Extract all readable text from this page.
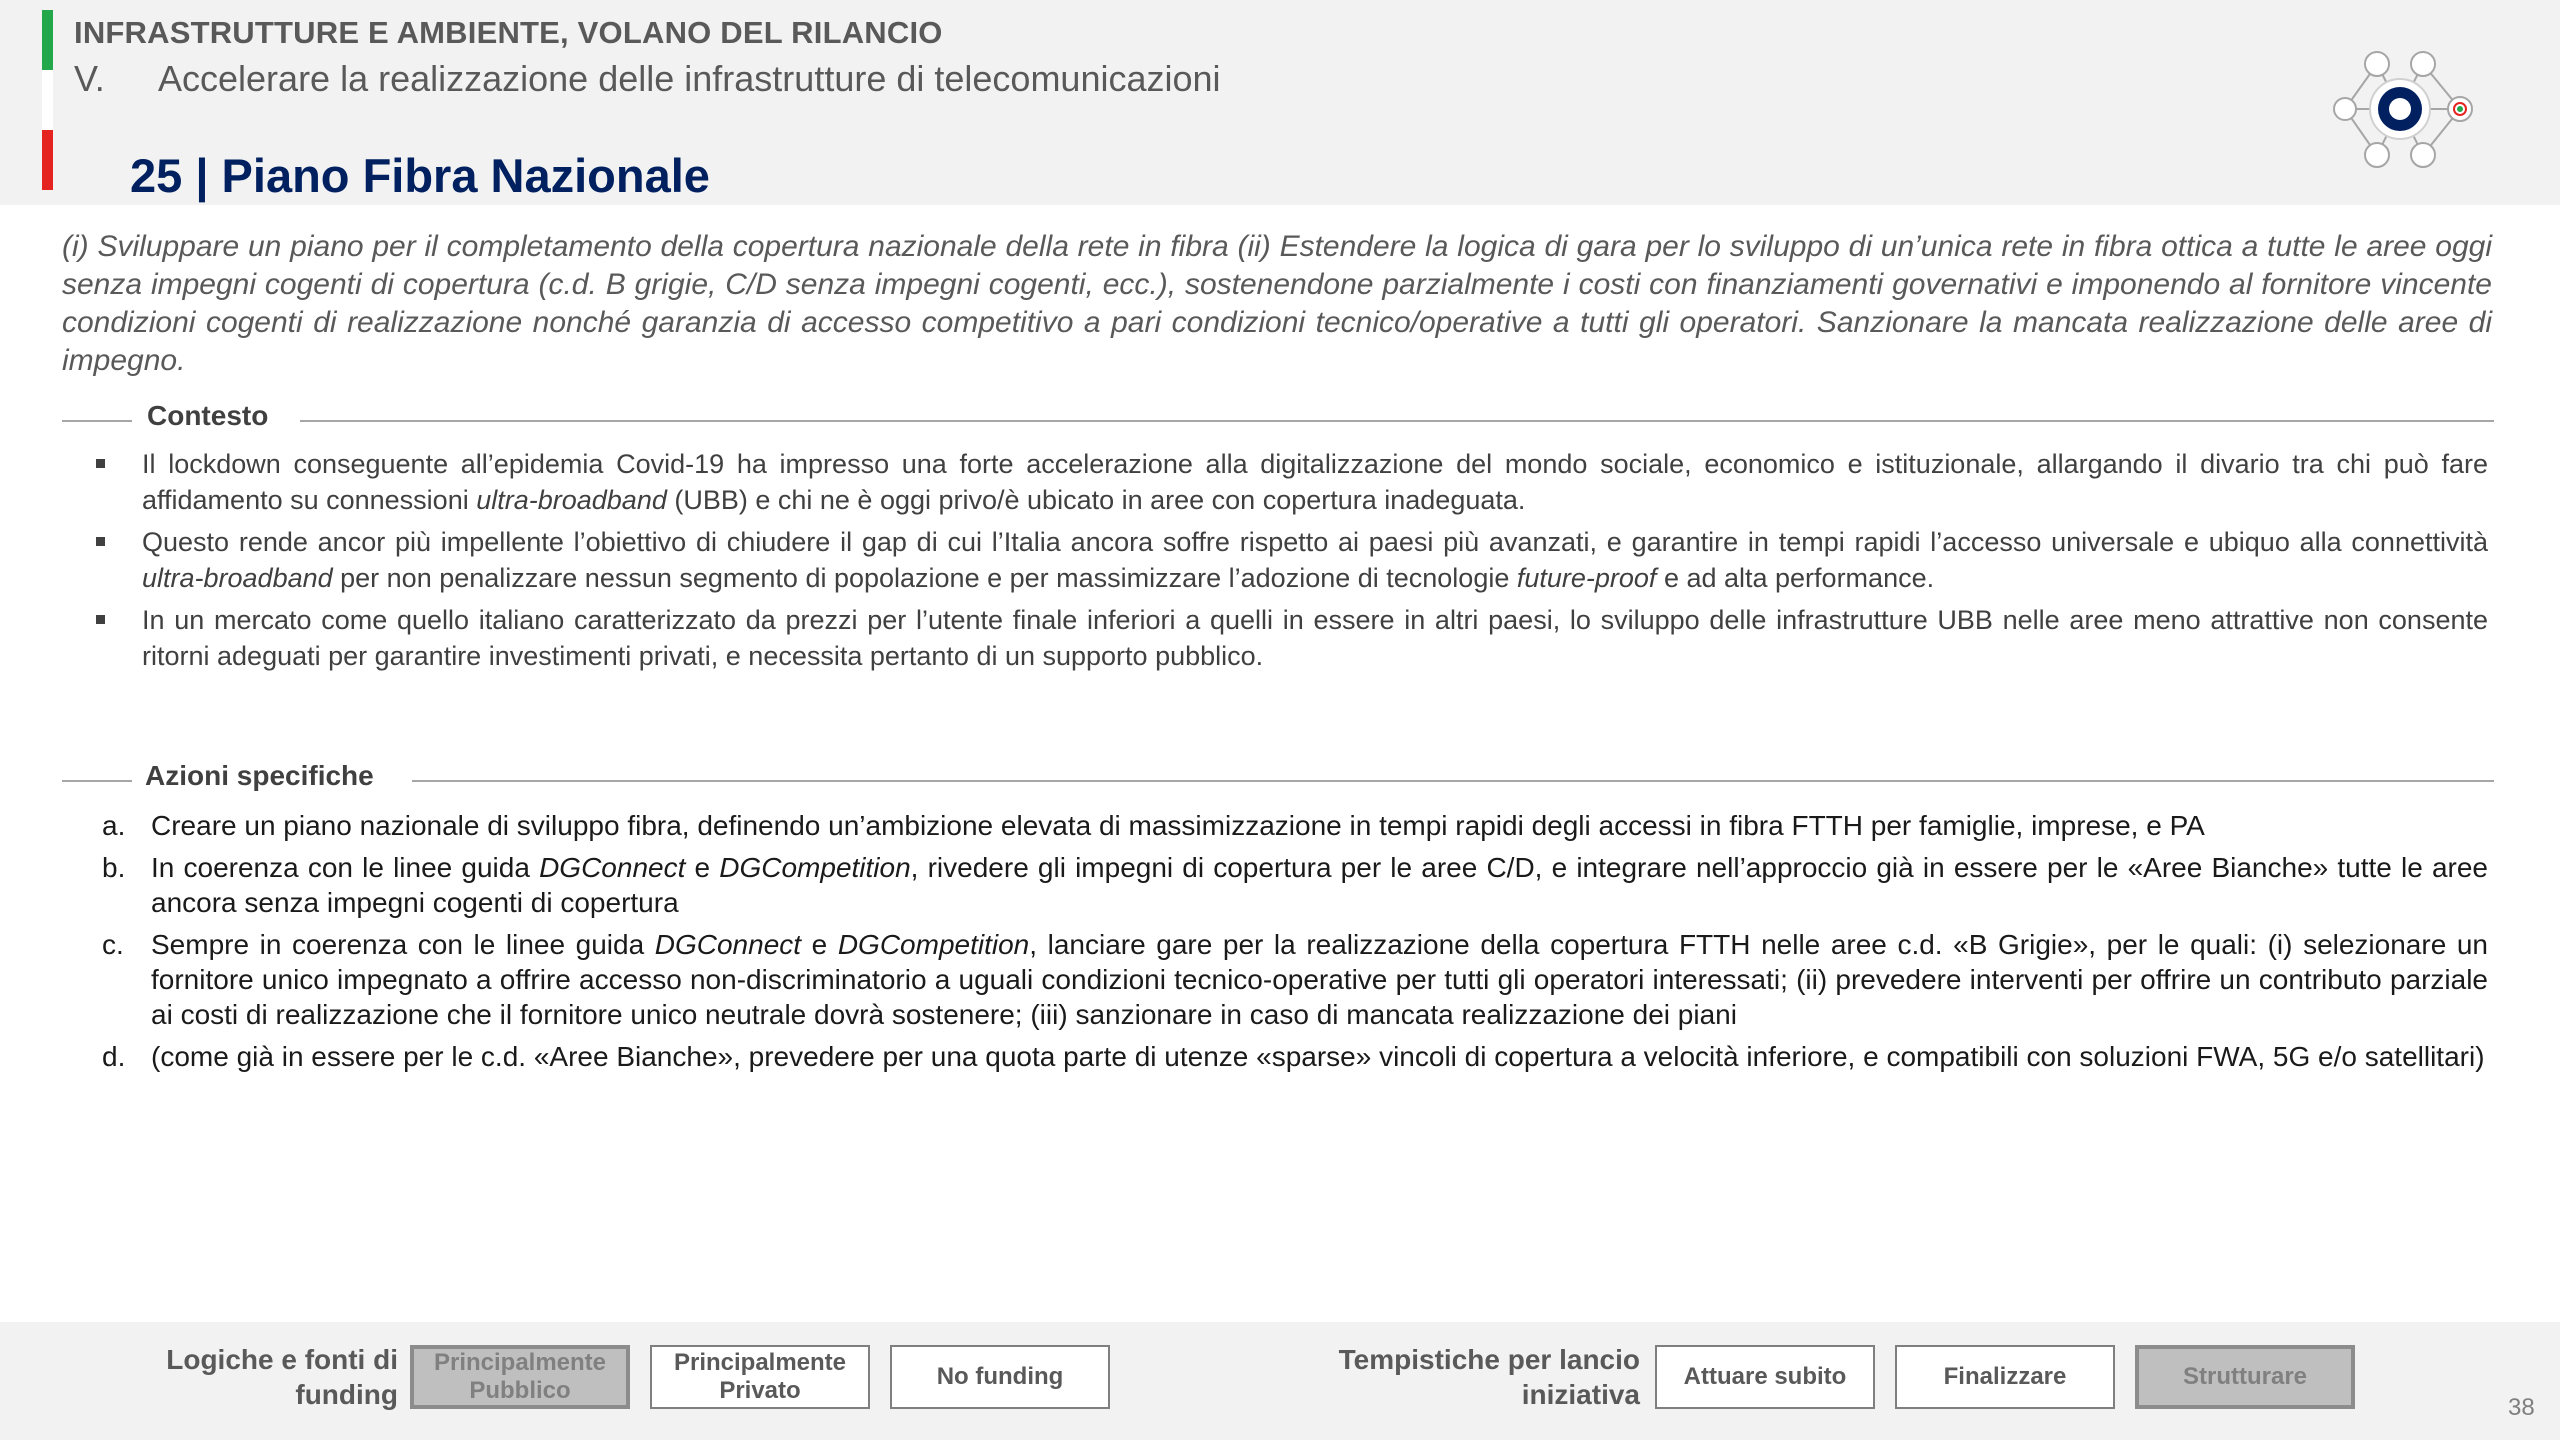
INFRASTRUTTURE E AMBIENTE, VOLANO DEL RILANCIO
V. Accelerare la realizzazione delle infrastrutture di telecomunicazioni
25 | Piano Fibra Nazionale
(i) Sviluppare un piano per il completamento della copertura nazionale della rete in fibra (ii) Estendere la logica di gara per lo sviluppo di un’unica rete in fibra ottica a tutte le aree oggi senza impegni cogenti di copertura (c.d. B grigie, C/D senza impegni cogenti, ecc.), sostenendone parzialmente i costi con finanziamenti governativi e imponendo al fornitore vincente condizioni cogenti di realizzazione nonché garanzia di accesso competitivo a pari condizioni tecnico/operative a tutti gli operatori. Sanzionare la mancata realizzazione delle aree di impegno.
Contesto
Il lockdown conseguente all’epidemia Covid-19 ha impresso una forte accelerazione alla digitalizzazione del mondo sociale, economico e istituzionale, allargando il divario tra chi può fare affidamento su connessioni ultra-broadband (UBB) e chi ne è oggi privo/è ubicato in aree con copertura inadeguata.
Questo rende ancor più impellente l’obiettivo di chiudere il gap di cui l’Italia ancora soffre rispetto ai paesi più avanzati, e garantire in tempi rapidi l’accesso universale e ubiquo alla connettività ultra-broadband per non penalizzare nessun segmento di popolazione e per massimizzare l’adozione di tecnologie future-proof e ad alta performance.
In un mercato come quello italiano caratterizzato da prezzi per l’utente finale inferiori a quelli in essere in altri paesi, lo sviluppo delle infrastrutture UBB nelle aree meno attrattive non consente ritorni adeguati per garantire investimenti privati, e necessita pertanto di un supporto pubblico.
Azioni specifiche
a. Creare un piano nazionale di sviluppo fibra, definendo un’ambizione elevata di massimizzazione in tempi rapidi degli accessi in fibra FTTH per famiglie, imprese, e PA
b. In coerenza con le linee guida DGConnect e DGCompetition, rivedere gli impegni di copertura per le aree C/D, e integrare nell’approccio già in essere per le «Aree Bianche» tutte le aree ancora senza impegni cogenti di copertura
c. Sempre in coerenza con le linee guida DGConnect e DGCompetition, lanciare gare per la realizzazione della copertura FTTH nelle aree c.d. «B Grigie», per le quali: (i) selezionare un fornitore unico impegnato a offrire accesso non-discriminatorio a uguali condizioni tecnico-operative per tutti gli operatori interessati; (ii) prevedere interventi per offrire un contributo parziale ai costi di realizzazione che il fornitore unico neutrale dovrà sostenere; (iii) sanzionare in caso di mancata realizzazione dei piani
d. (come già in essere per le c.d. «Aree Bianche», prevedere per una quota parte di utenze «sparse» vincoli di copertura a velocità inferiore, e compatibili con soluzioni FWA, 5G e/o satellitari)
Logiche e fonti di
funding
Principalmente
Pubblico
Principalmente
Privato
No funding
Tempistiche per lancio
iniziativa
Attuare subito	Finalizzare	Strutturare
38
